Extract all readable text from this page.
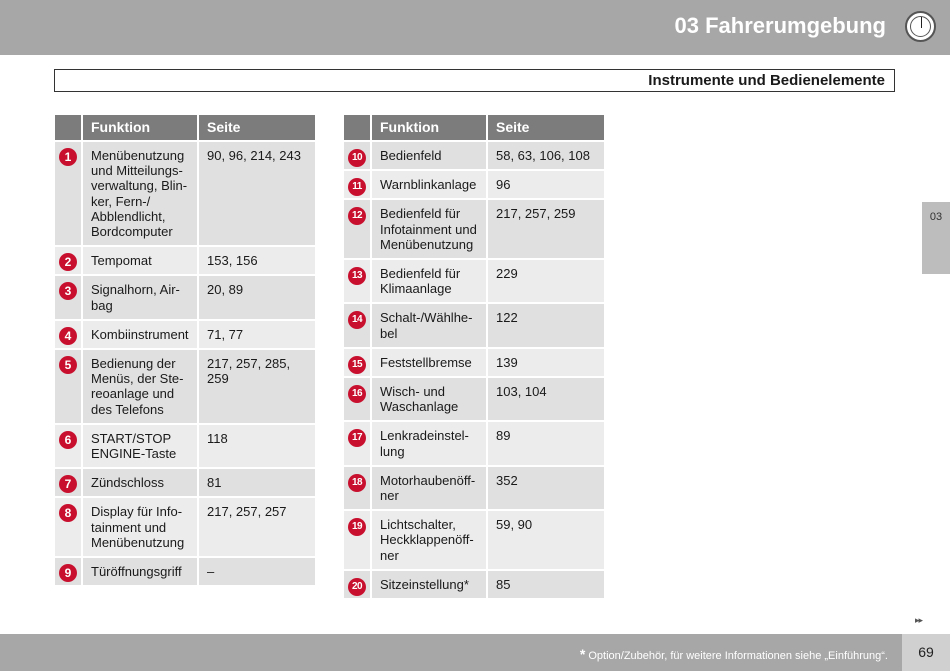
03 Fahrerumgebung
Instrumente und Bedienelemente
03
	Funktion	Seite
1	Menübenutzung und Mitteilungs-verwaltung, Blin-ker, Fern-/ Abblendlicht, Bordcomputer	90, 96, 214, 243
2	Tempomat	153, 156
3	Signalhorn, Air-bag	20, 89
4	Kombiinstrument	71, 77
5	Bedienung der Menüs, der Ste-reoanlage und des Telefons	217, 257, 285, 259
6	START/STOP ENGINE-Taste	118
7	Zündschloss	81
8	Display für Info-tainment und Menübenutzung	217, 257, 257
9	Türöffnungsgriff	–
	Funktion	Seite
10	Bedienfeld	58, 63, 106, 108
11	Warnblinkanlage	96
12	Bedienfeld für Infotainment und Menübenutzung	217, 257, 259
13	Bedienfeld für Klimaanlage	229
14	Schalt-/Wählhe-bel	122
15	Feststellbremse	139
16	Wisch- und Waschanlage	103, 104
17	Lenkradeinstel-lung	89
18	Motorhaubenöff-ner	352
19	Lichtschalter, Heckklappenöff-ner	59, 90
20	Sitzeinstellung*	85
▸▸
* Option/Zubehör, für weitere Informationen siehe „Einführung“.	69
